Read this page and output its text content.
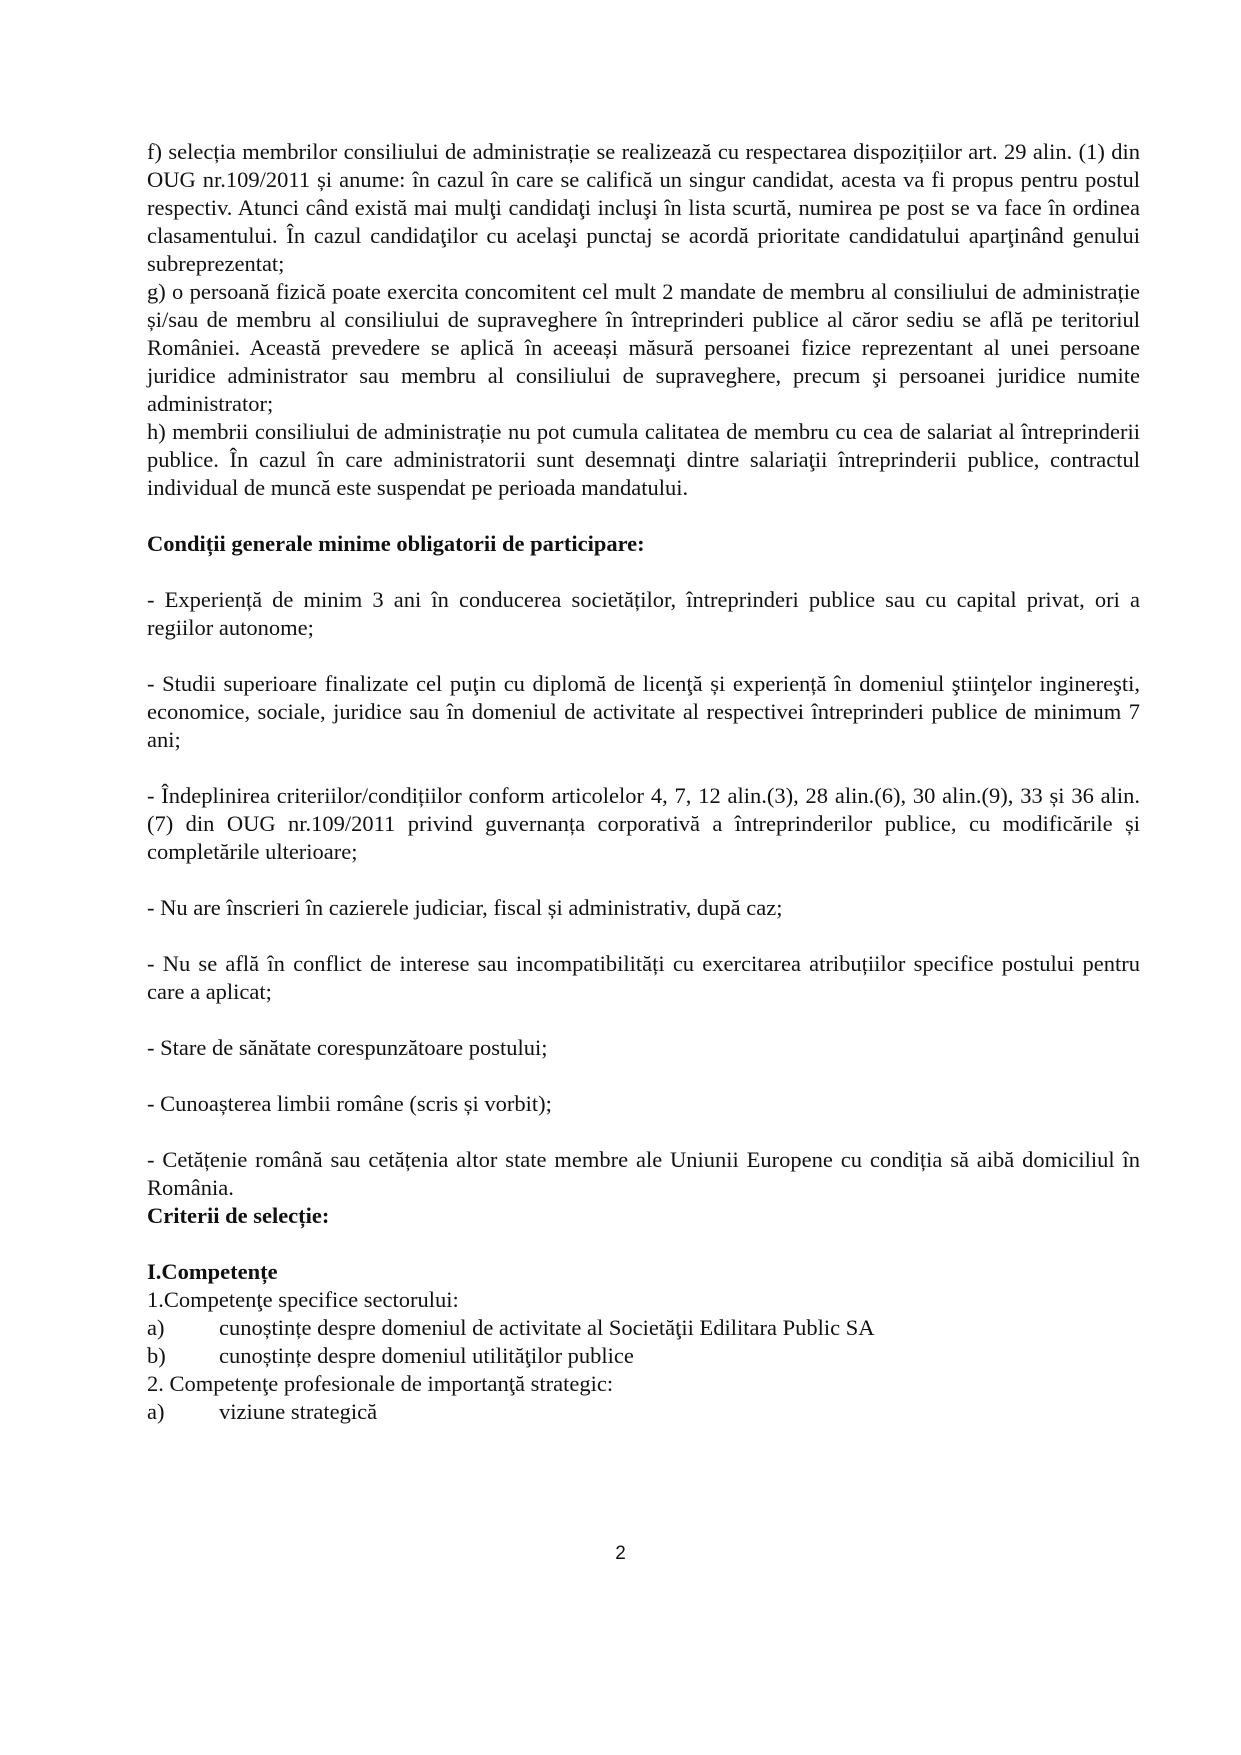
f) selecția membrilor consiliului de administrație se realizează cu respectarea dispozițiilor art. 29 alin. (1) din OUG nr.109/2011 și anume: în cazul în care se califică un singur candidat, acesta va fi propus pentru postul respectiv. Atunci când există mai mulţi candidaţi incluşi în lista scurtă, numirea pe post se va face în ordinea clasamentului. În cazul candidaţilor cu acelaşi punctaj se acordă prioritate candidatului aparţinând genului subreprezentat;

g) o persoană fizică poate exercita concomitent cel mult 2 mandate de membru al consiliului de administrație și/sau de membru al consiliului de supraveghere în întreprinderi publice al căror sediu se află pe teritoriul României. Această prevedere se aplică în aceeași măsură persoanei fizice reprezentant al unei persoane juridice administrator sau membru al consiliului de supraveghere, precum şi persoanei juridice numite administrator;

h) membrii consiliului de administrație nu pot cumula calitatea de membru cu cea de salariat al întreprinderii publice. În cazul în care administratorii sunt desemnaţi dintre salariaţii întreprinderii publice, contractul individual de muncă este suspendat pe perioada mandatului.

Condiții generale minime obligatorii de participare:

- Experiență de minim 3 ani în conducerea societăților, întreprinderi publice sau cu capital privat, ori a regiilor autonome;

- Studii superioare finalizate cel puţin cu diplomă de licenţă și experiență în domeniul ştiinţelor inginereşti, economice, sociale, juridice sau în domeniul de activitate al respectivei întreprinderi publice de minimum 7 ani;

- Îndeplinirea criteriilor/condițiilor conform articolelor 4, 7, 12 alin.(3), 28 alin.(6), 30 alin.(9), 33 și 36 alin.(7) din OUG nr.109/2011 privind guvernanța corporativă a întreprinderilor publice, cu modificările și completările ulterioare;

- Nu are înscrieri în cazierele judiciar, fiscal și administrativ, după caz;

- Nu se află în conflict de interese sau incompatibilități cu exercitarea atribuțiilor specifice postului pentru care a aplicat;

- Stare de sănătate corespunzătoare postului;

- Cunoașterea limbii române (scris și vorbit);

- Cetățenie română sau cetățenia altor state membre ale Uniunii Europene cu condiția să aibă domiciliul în România.

Criterii de selecție:

I.Competențe

1.Competenţe specifice sectorului:

a)	cunoștințe despre domeniul de activitate al Societăţii Edilitara Public SA
b)	cunoștințe despre domeniul utilităţilor publice

2. Competenţe profesionale de importanţă strategic:

a)	viziune strategică
2
